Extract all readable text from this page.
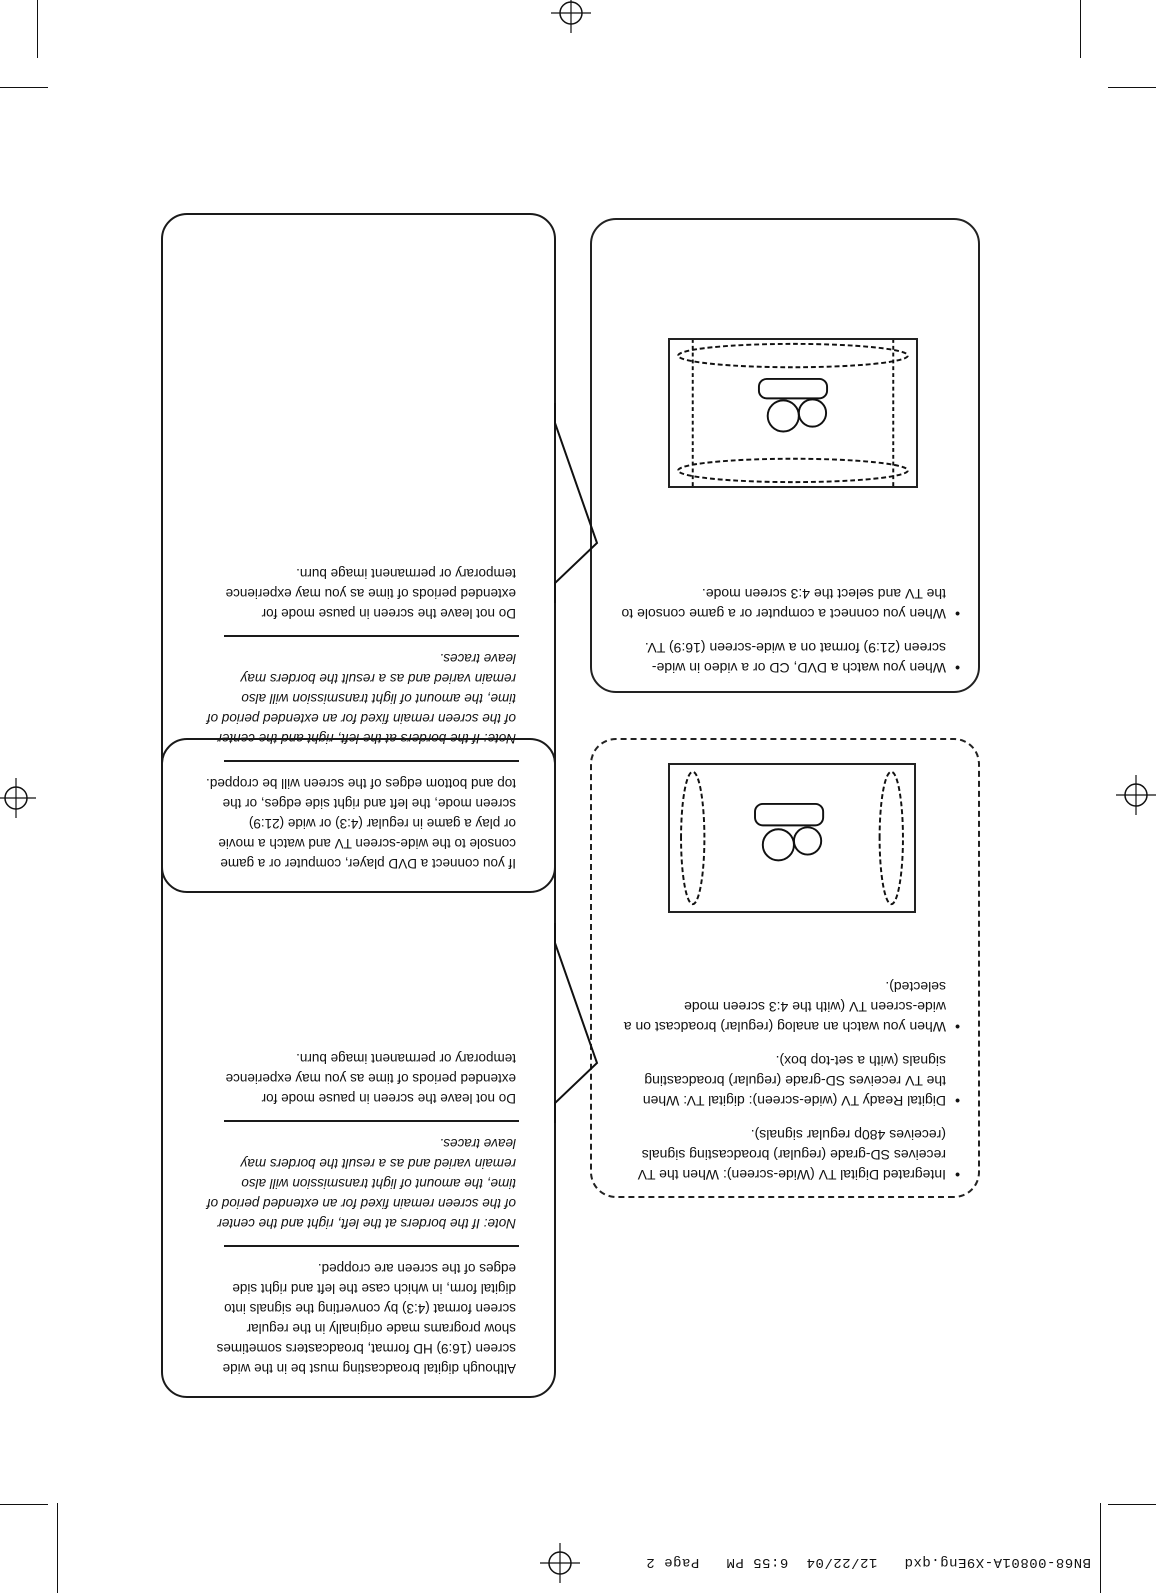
BN68-00801A-X9Eng.qxd   12/22/04  6:55 PM   Page 2
•
When you watch a DVD, CD or a video in wide-screen (21:9) format on a wide-screen (16:9) TV.
•
When you connect a computer or a game console to the TV and select the 4:3 screen mode.

If you connect a DVD player, computer or a game console to the wide-screen TV and watch a movie or play a game in regular (4:3) or wide (21:9) screen mode, the left and right side edges, or the top and bottom edges of the screen will be cropped.

Note: If the borders at the left, right and the center of the screen remain fixed for an extended period of time, the amount of light transmission will also remain varied and as a result the borders may leave traces.

Do not leave the screen in pause mode for extended periods of time as you may experience temporary or permanent image burn.

•
Integrated Digital TV (Wide-screen): When the TV receives SD-grade (regular) broadcasting signals (receives 480p regular signals).
•
Digital Ready TV (wide-screen): digital TV: When the TV receives SD-grade (regular) broadcasting signals (with a set-top box).
•
When you watch an analog (regular) broadcast on a wide-screen TV (with the 4:3 screen mode selected).

Although digital broadcasting must be in the wide screen (16:9) HD format, broadcasters sometimes show programs made originally in the regular screen format (4:3) by converting the signals into digital form, in which case the left and right side edges of the screen are cropped.

Note: If the borders at the left, right and the center of the screen remain fixed for an extended period of time, the amount of light transmission will also remain varied and as a result the borders may leave traces.

Do not leave the screen in pause mode for extended periods of time as you may experience temporary or permanent image burn.
